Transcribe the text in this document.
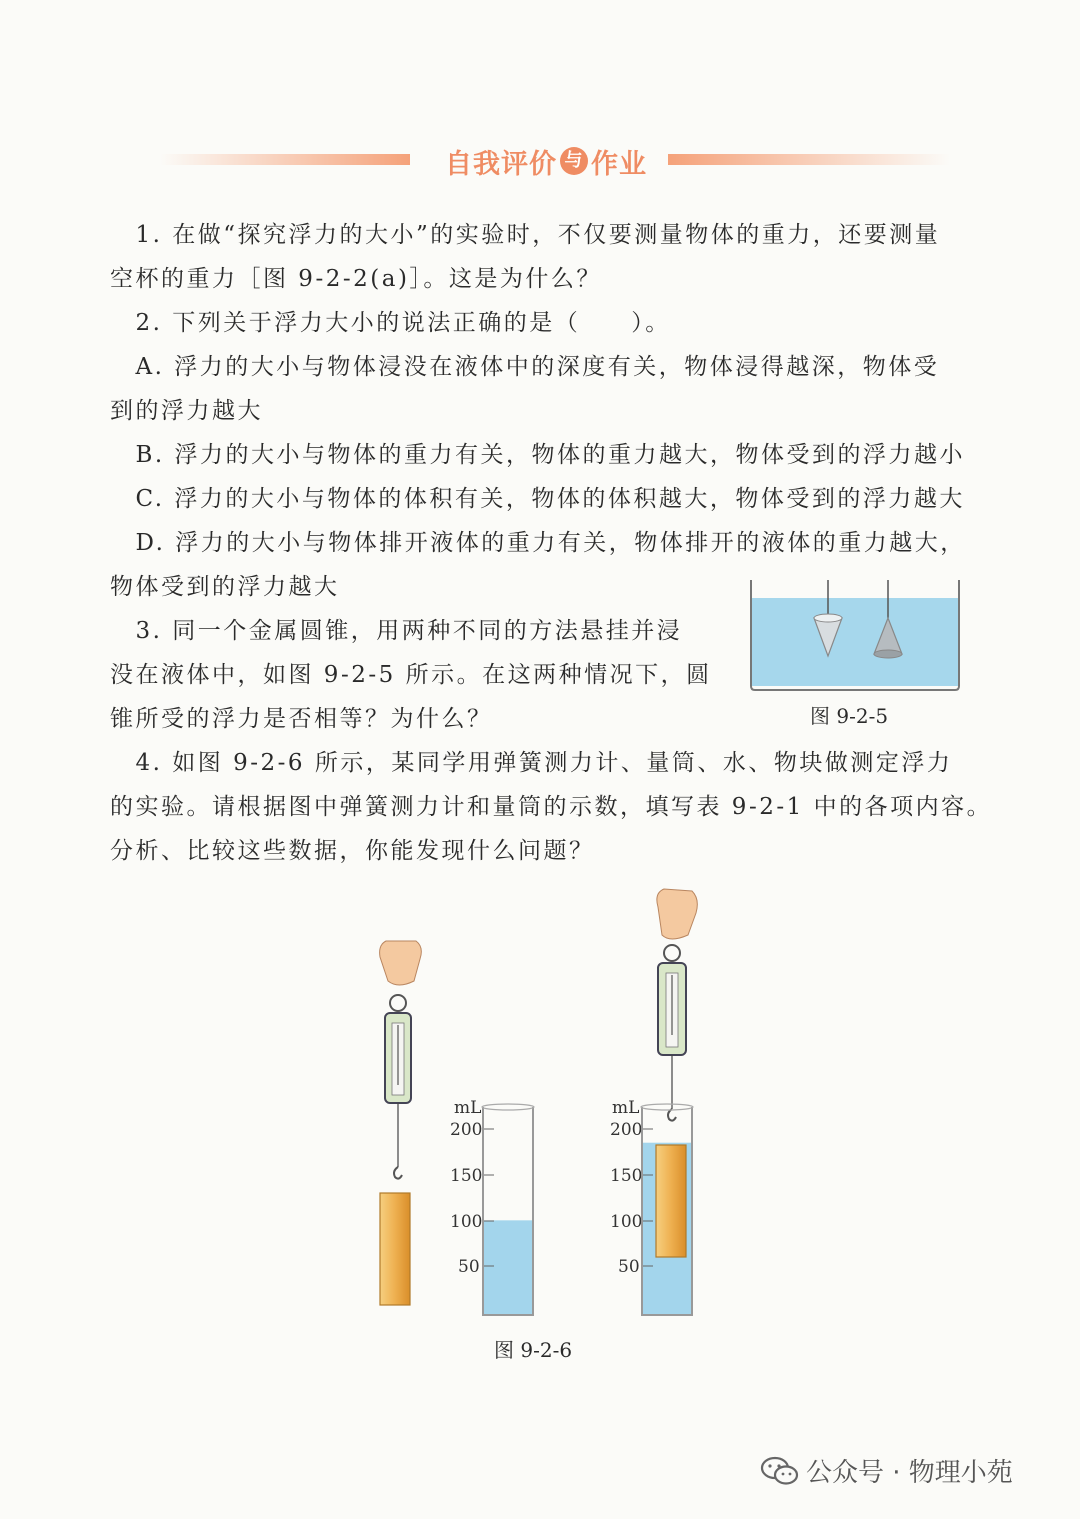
自我评价 与 作业
　1. 在做“探究浮力的大小”的实验时，不仅要测量物体的重力，还要测量
空杯的重力［图 9-2-2(a)］。这是为什么？
　2. 下列关于浮力大小的说法正确的是（　　）。
　A. 浮力的大小与物体浸没在液体中的深度有关，物体浸得越深，物体受
到的浮力越大
　B. 浮力的大小与物体的重力有关，物体的重力越大，物体受到的浮力越小
　C. 浮力的大小与物体的体积有关，物体的体积越大，物体受到的浮力越大
　D. 浮力的大小与物体排开液体的重力有关，物体排开的液体的重力越大，
物体受到的浮力越大
　3. 同一个金属圆锥，用两种不同的方法悬挂并浸
没在液体中，如图 9-2-5 所示。在这两种情况下，圆
锥所受的浮力是否相等？为什么？
　4. 如图 9-2-6 所示，某同学用弹簧测力计、量筒、水、物块做测定浮力
的实验。请根据图中弹簧测力计和量筒的示数，填写表 9-2-1 中的各项内容。
分析、比较这些数据，你能发现什么问题？
图 9-2-5
mL
200
150
100
50
mL
200
150
100
50
图 9-2-6
公众号 · 物理小苑
